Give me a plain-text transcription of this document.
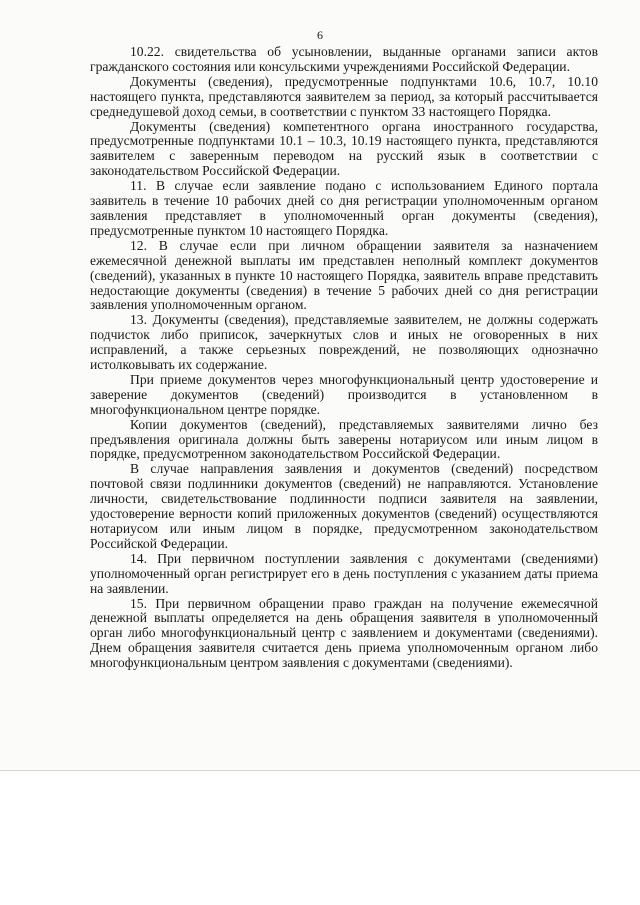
6

10.22. свидетельства об усыновлении, выданные органами записи актов гражданского состояния или консульскими учреждениями Российской Федерации.

Документы (сведения), предусмотренные подпунктами 10.6, 10.7, 10.10 настоящего пункта, представляются заявителем за период, за который рассчитывается среднедушевой доход семьи, в соответствии с пунктом 33 настоящего Порядка.

Документы (сведения) компетентного органа иностранного государства, предусмотренные подпунктами 10.1 – 10.3, 10.19 настоящего пункта, представляются заявителем с заверенным переводом на русский язык в соответствии с законодательством Российской Федерации.

11. В случае если заявление подано с использованием Единого портала заявитель в течение 10 рабочих дней со дня регистрации уполномоченным органом заявления представляет в уполномоченный орган документы (сведения), предусмотренные пунктом 10 настоящего Порядка.

12. В случае если при личном обращении заявителя за назначением ежемесячной денежной выплаты им представлен неполный комплект документов (сведений), указанных в пункте 10 настоящего Порядка, заявитель вправе представить недостающие документы (сведения) в течение 5 рабочих дней со дня регистрации заявления уполномоченным органом.

13. Документы (сведения), представляемые заявителем, не должны содержать подчисток либо приписок, зачеркнутых слов и иных не оговоренных в них исправлений, а также серьезных повреждений, не позволяющих однозначно истолковывать их содержание.

При приеме документов через многофункциональный центр удостоверение и заверение документов (сведений) производится в установленном в многофункциональном центре порядке.

Копии документов (сведений), представляемых заявителями лично без предъявления оригинала должны быть заверены нотариусом или иным лицом в порядке, предусмотренном законодательством Российской Федерации.

В случае направления заявления и документов (сведений) посредством почтовой связи подлинники документов (сведений) не направляются. Установление личности, свидетельствование подлинности подписи заявителя на заявлении, удостоверение верности копий приложенных документов (сведений) осуществляются нотариусом или иным лицом в порядке, предусмотренном законодательством Российской Федерации.

14. При первичном поступлении заявления с документами (сведениями) уполномоченный орган регистрирует его в день поступления с указанием даты приема на заявлении.

15. При первичном обращении право граждан на получение ежемесячной денежной выплаты определяется на день обращения заявителя в уполномоченный орган либо многофункциональный центр с заявлением и документами (сведениями). Днем обращения заявителя считается день приема уполномоченным органом либо многофункциональным центром заявления с документами (сведениями).
